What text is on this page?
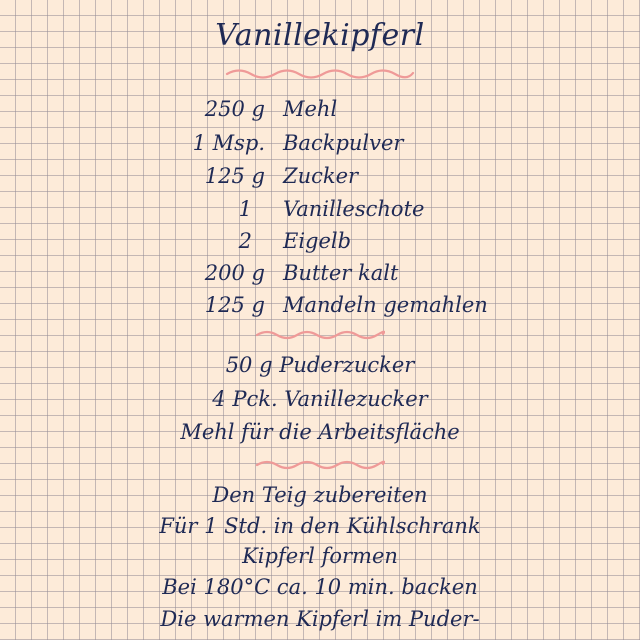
Vanillekipferl
250 g Mehl
1 Msp. Backpulver
125 g Zucker
1 Vanilleschote
2 Eigelb
200 g Butter kalt
125 g Mandeln gemahlen
50 g Puderzucker
4 Pck. Vanillezucker
Mehl für die Arbeitsfläche
Den Teig zubereiten
Für 1 Std. in den Kühlschrank
Kipferl formen
Bei 180°C ca. 10 min. backen
Die warmen Kipferl im Puder-
